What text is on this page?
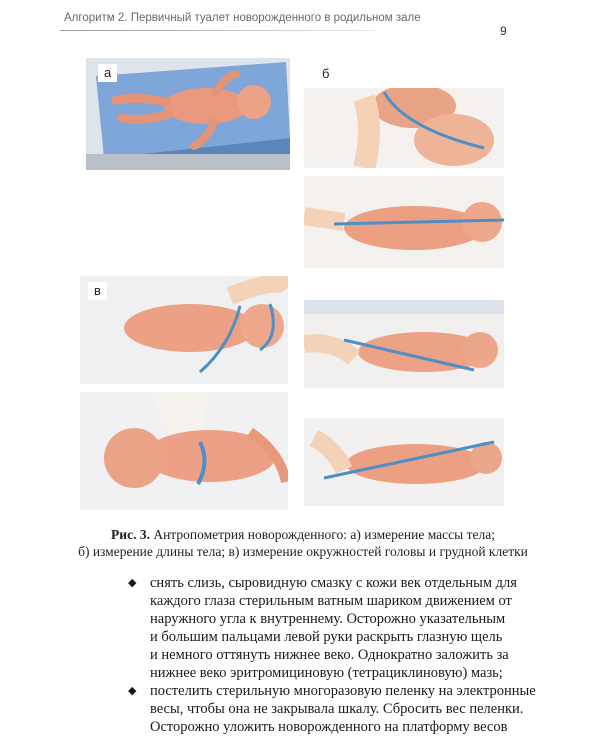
Алгоритм 2. Первичный туалет новорожденного в родильном зале
9
а	б
в
Рис. 3. Антропометрия новорожденного: а) измерение массы тела;
б) измерение длины тела; в) измерение окружностей головы и грудной клетки
◆ снять слизь, сыровидную смазку с кожи век отдельным для
каждого глаза стерильным ватным шариком движением от
наружного угла к внутреннему. Осторожно указательным
и большим пальцами левой руки раскрыть глазную щель
и немного оттянуть нижнее веко. Однократно заложить за
нижнее веко эритромициновую (тетрациклиновую) мазь;
◆ постелить стерильную многоразовую пеленку на электронные
весы, чтобы она не закрывала шкалу. Сбросить вес пеленки.
Осторожно уложить новорожденного на платформу весов
